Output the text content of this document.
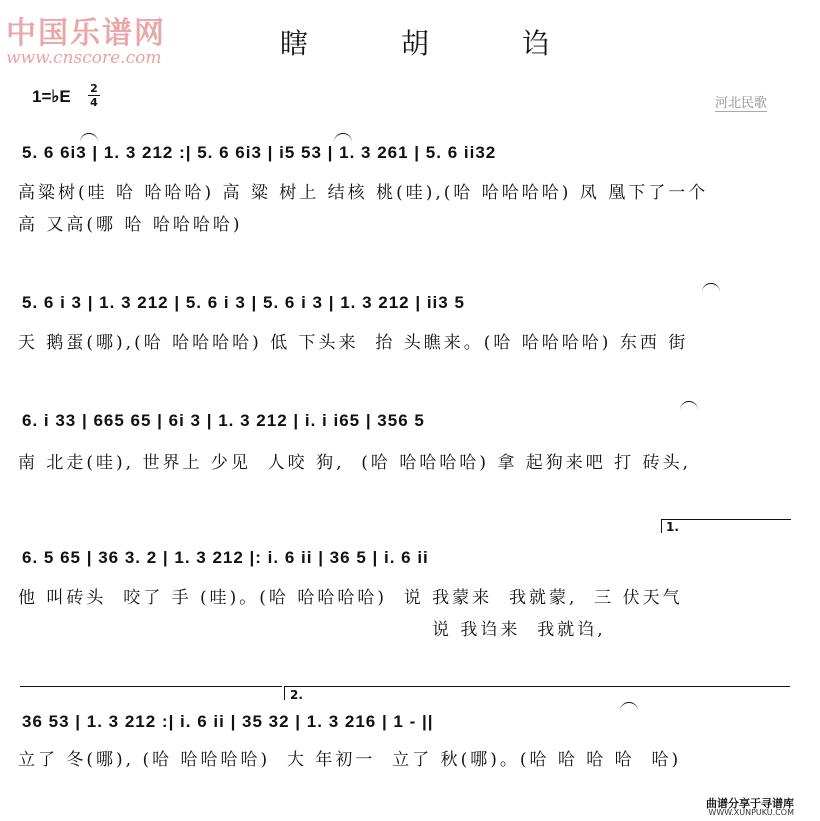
中国乐谱网
www.cnscore.com	瞎 胡 诌
1=♭E 2
4	河北民歌
5. 6 6i3 | 1. 3 212 :| 5. 6 6i3 | i5 53 | 1. 3 261 | 5. 6 ii32
高粱树(哇 哈 哈哈哈) 高 粱 树上 结核 桃(哇),(哈 哈哈哈哈) 凤 凰下了一个
高 又高(哪 哈 哈哈哈哈)
5. 6 i 3 | 1. 3 212 | 5. 6 i 3 | 5. 6 i 3 | 1. 3 212 | ii3 5
天 鹅蛋(哪),(哈 哈哈哈哈) 低 下头来  抬 头瞧来。(哈 哈哈哈哈) 东西 街
6. i 33 | 665 65 | 6i 3 | 1. 3 212 | i. i i65 | 356 5
南 北走(哇), 世界上 少见  人咬 狗,  (哈 哈哈哈哈) 拿 起狗来吧 打 砖头,
1.
6. 5 65 | 36 3. 2 | 1. 3 212 |: i. 6 ii | 36 5 | i. 6 ii
他 叫砖头  咬了 手 (哇)。(哈 哈哈哈哈)  说 我蒙来  我就蒙,  三 伏天气
说 我诌来  我就诌,
2.
36 53 | 1. 3 212 :| i. 6 ii | 35 32 | 1. 3 216 | 1 - ||
立了 冬(哪), (哈 哈哈哈哈)  大 年初一  立了 秋(哪)。(哈 哈 哈 哈  哈)
曲谱分享于寻谱库
WWW.XUNPUKU.COM
